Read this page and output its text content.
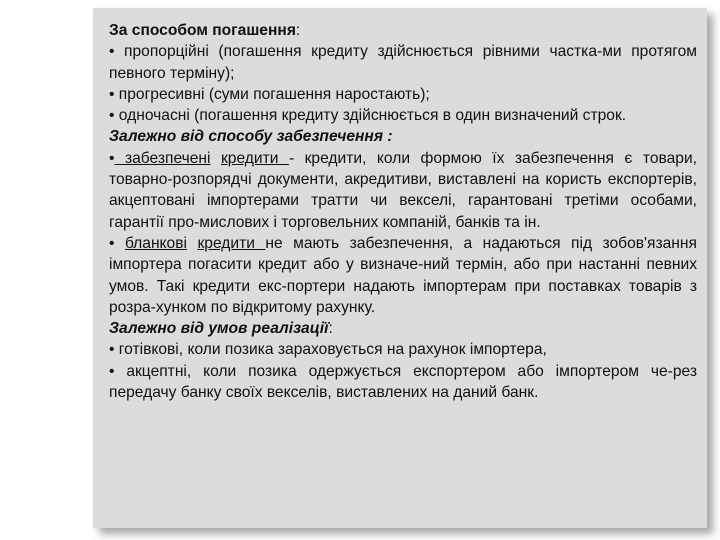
За способом погашення:

• пропорційні (погашення кредиту здійснюється рівними частка-ми протягом певного терміну);

• прогресивні (суми погашення наростають);

• одночасні (погашення кредиту здійснюється в один визначений строк.

Залежно від способу забезпечення :

• забезпечені кредити - кредити, коли формою їх забезпечення є товари, товарно-розпорядчі документи, акредитиви, виставлені на користь експортерів, акцептовані імпортерами тратти чи векселі, гарантовані третіми особами, гарантії про-мислових і торговельних компаній, банків та ін.

• бланкові кредити не мають забезпечення, а надаються під зобов'язання імпортера погасити кредит або у визначе-ний термін, або при настанні певних умов. Такі кредити екс-портери надають імпортерам при поставках товарів з розра-хунком по відкритому рахунку.

Залежно від умов реалізації:

• готівкові, коли позика зараховується на рахунок імпортера,

• акцептні, коли позика одержується експортером або імпортером че-рез передачу банку своїх векселів, виставлених на даний банк.
